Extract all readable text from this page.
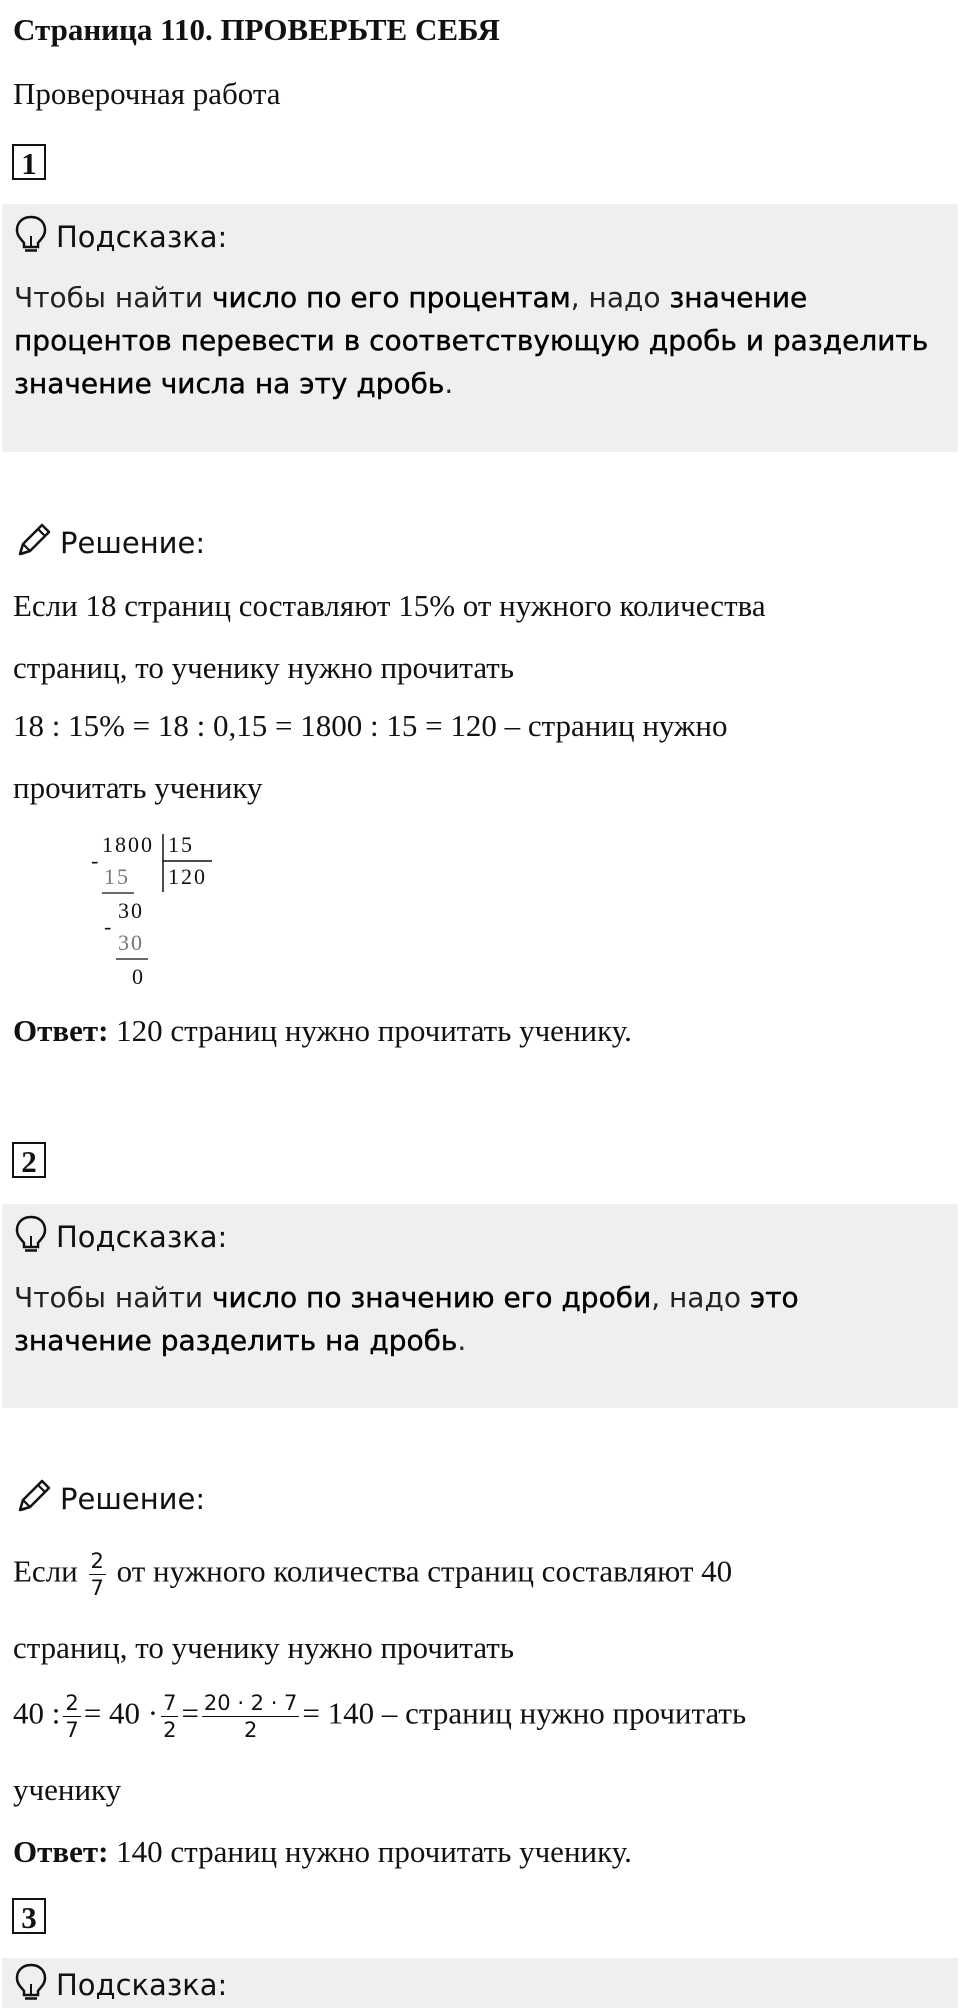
Страница 110. ПРОВЕРЬТЕ СЕБЯ
Проверочная работа
1
Подсказка:
Чтобы найти число по его процентам, надо значение процентов перевести в соответствующую дробь и разделить значение числа на эту дробь.
Решение:
Если 18 страниц составляют 15% от нужного количества
страниц, то ученику нужно прочитать
18 : 15% = 18 : 0,15 = 1800 : 15 = 120 – страниц нужно
прочитать ученику
1800 15
120
-
15
30
-
30
0
Ответ: 120 страниц нужно прочитать ученику.
2
Подсказка:
Чтобы найти число по значению его дроби, надо это значение разделить на дробь.
Решение:
Если $\frac{2}{7}$ от нужного количества страниц составляют 40
страниц, то ученику нужно прочитать
40 : $\frac{2}{7} = 40 \cdot \frac{7}{2} = \frac{20 \cdot 2 \cdot 7}{2} = 140$ – страниц нужно прочитать
ученику
Ответ: 140 страниц нужно прочитать ученику.
3
Подсказка:
